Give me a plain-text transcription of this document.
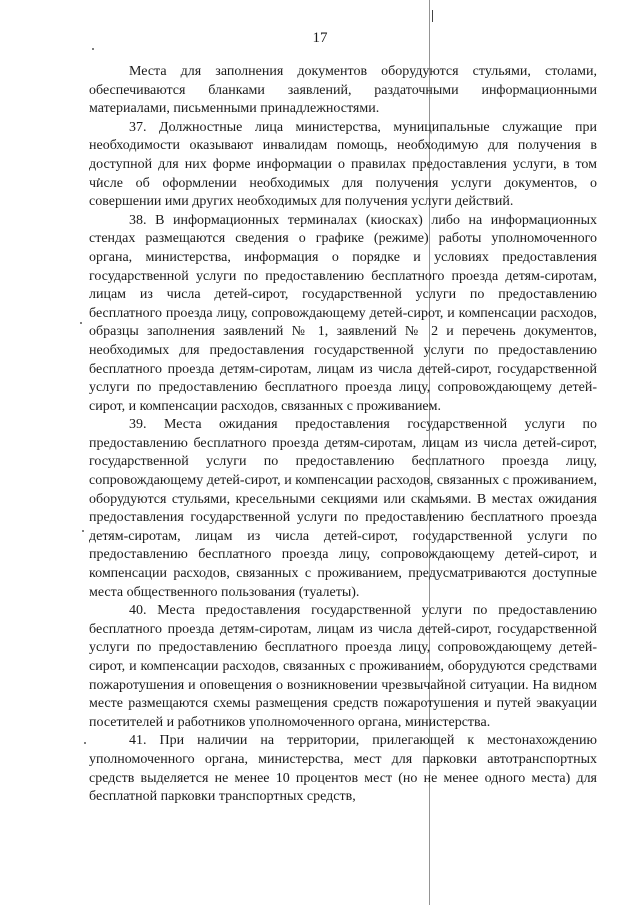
17

Места для заполнения документов оборудуются стульями, столами, обеспечиваются бланками заявлений, раздаточными информационными материалами, письменными принадлежностями.

37. Должностные лица министерства, муниципальные служащие при необходимости оказывают инвалидам помощь, необходимую для получения в доступной для них форме информации о правилах предоставления услуги, в том числе об оформлении необходимых для получения услуги документов, о совершении ими других необходимых для получения услуги действий.

38. В информационных терминалах (киосках) либо на информационных стендах размещаются сведения о графике (режиме) работы уполномоченного органа, министерства, информация о порядке и условиях предоставления государственной услуги по предоставлению бесплатного проезда детям-сиротам, лицам из числа детей-сирот, государственной услуги по предоставлению бесплатного проезда лицу, сопровождающему детей-сирот, и компенсации расходов, образцы заполнения заявлений № 1, заявлений № 2 и перечень документов, необходимых для предоставления государственной услуги по предоставлению бесплатного проезда детям-сиротам, лицам из числа детей-сирот, государственной услуги по предоставлению бесплатного проезда лицу, сопровождающему детей-сирот, и компенсации расходов, связанных с проживанием.

39. Места ожидания предоставления государственной услуги по предоставлению бесплатного проезда детям-сиротам, лицам из числа детей-сирот, государственной услуги по предоставлению бесплатного проезда лицу, сопровождающему детей-сирот, и компенсации расходов, связанных с проживанием, оборудуются стульями, кресельными секциями или скамьями. В местах ожидания предоставления государственной услуги по предоставлению бесплатного проезда детям-сиротам, лицам из числа детей-сирот, государственной услуги по предоставлению бесплатного проезда лицу, сопровождающему детей-сирот, и компенсации расходов, связанных с проживанием, предусматриваются доступные места общественного пользования (туалеты).

40. Места предоставления государственной услуги по предоставлению бесплатного проезда детям-сиротам, лицам из числа детей-сирот, государственной услуги по предоставлению бесплатного проезда лицу, сопровождающему детей-сирот, и компенсации расходов, связанных с проживанием, оборудуются средствами пожаротушения и оповещения о возникновении чрезвычайной ситуации. На видном месте размещаются схемы размещения средств пожаротушения и путей эвакуации посетителей и работников уполномоченного органа, министерства.

41. При наличии на территории, прилегающей к местонахождению уполномоченного органа, министерства, мест для парковки автотранспортных средств выделяется не менее 10 процентов мест (но не менее одного места) для бесплатной парковки транспортных средств,
